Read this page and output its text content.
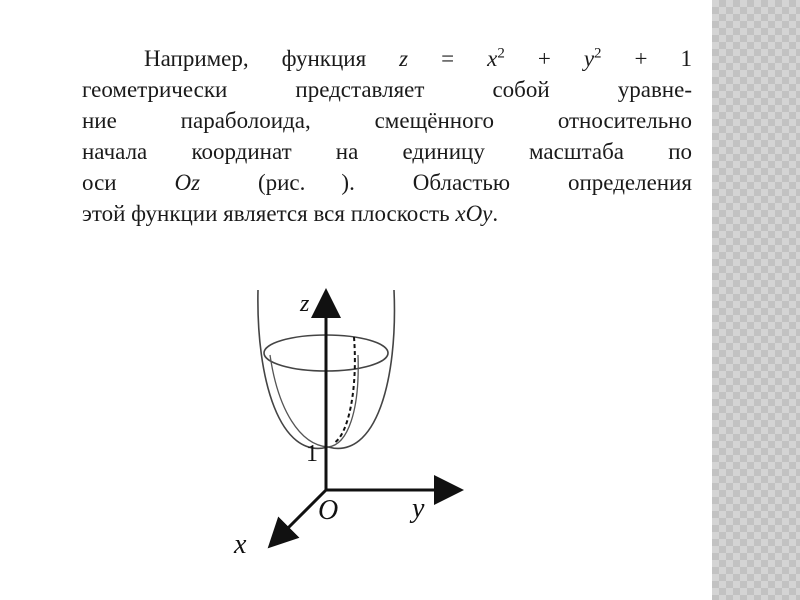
Например, функция $z = x^2 + y^2 + 1$
геометрически представляет собой уравне-
ние параболоида, смещённого относительно
начала координат на единицу масштаба по
оси	Oz	(рис. ). Областью определения
этой функции является вся плоскость xOy.
z
1
O	y
x
